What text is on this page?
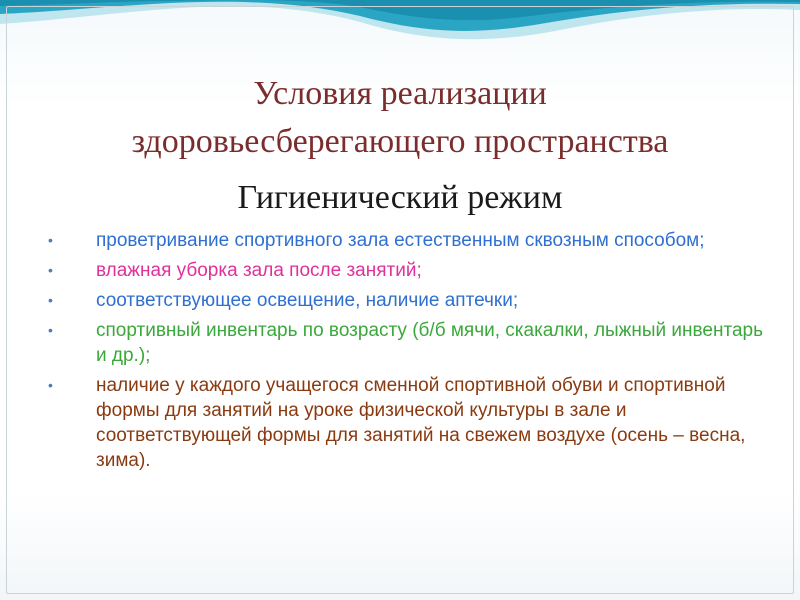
Условия реализации
здоровьесберегающего пространства
Гигиенический режим
•	проветривание спортивного зала естественным сквозным способом;
•	влажная уборка зала после занятий;
•	соответствующее освещение, наличие аптечки;
•	спортивный инвентарь по возрасту (б/б мячи, скакалки, лыжный инвентарь и др.);
•	наличие у каждого учащегося сменной спортивной обуви и спортивной формы для занятий на уроке физической культуры в зале и соответствующей формы для занятий на свежем воздухе (осень – весна, зима).
